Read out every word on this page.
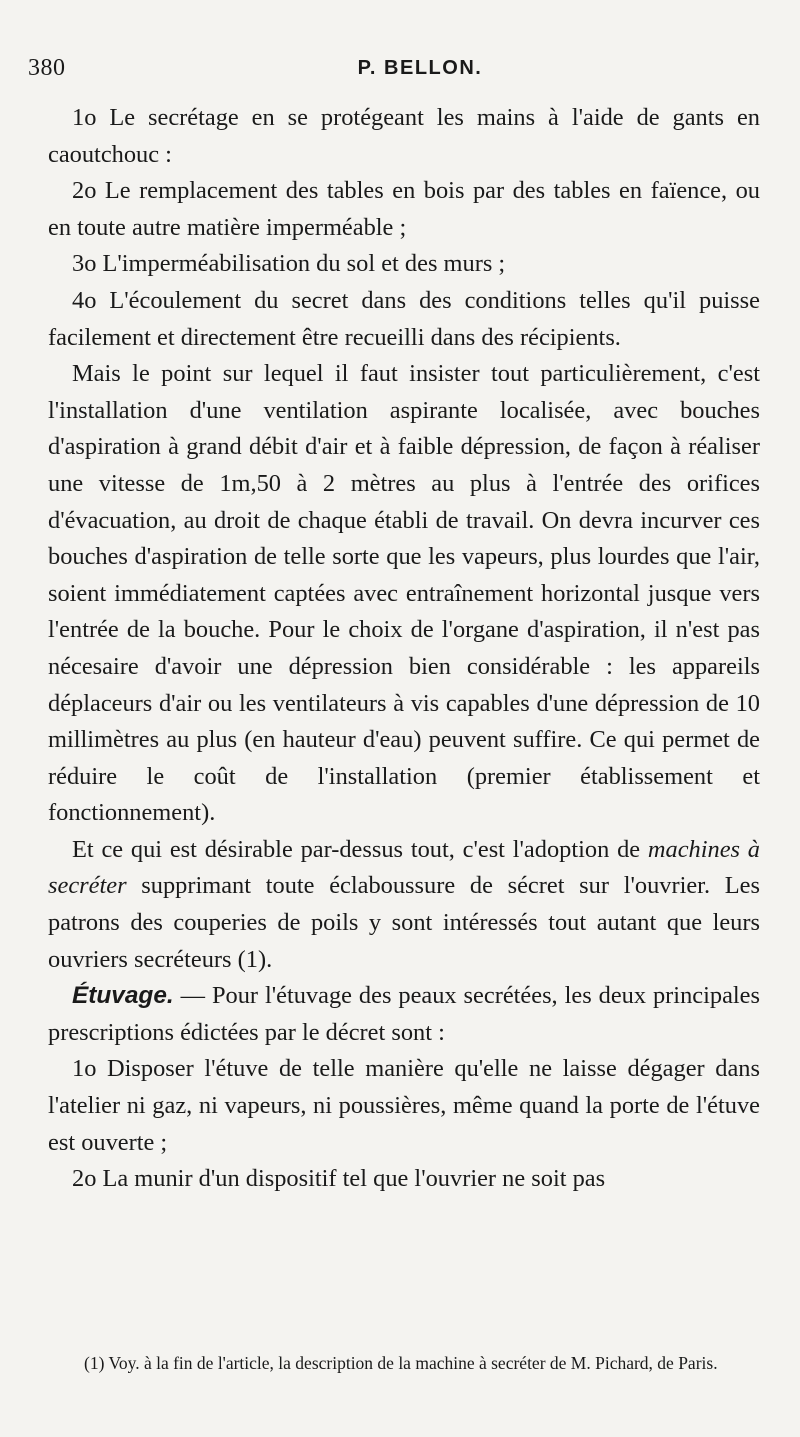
380	P. BELLON.

1o Le secrétage en se protégeant les mains à l'aide de gants en caoutchouc :

2o Le remplacement des tables en bois par des tables en faïence, ou en toute autre matière imperméable ;

3o L'imperméabilisation du sol et des murs ;

4o L'écoulement du secret dans des conditions telles qu'il puisse facilement et directement être recueilli dans des récipients.

Mais le point sur lequel il faut insister tout particulièrement, c'est l'installation d'une ventilation aspirante localisée, avec bouches d'aspiration à grand débit d'air et à faible dépression, de façon à réaliser une vitesse de 1m,50 à 2 mètres au plus à l'entrée des orifices d'évacuation, au droit de chaque établi de travail. On devra incurver ces bouches d'aspiration de telle sorte que les vapeurs, plus lourdes que l'air, soient immédiatement captées avec entraînement horizontal jusque vers l'entrée de la bouche. Pour le choix de l'organe d'aspiration, il n'est pas nécesaire d'avoir une dépression bien considérable : les appareils déplaceurs d'air ou les ventilateurs à vis capables d'une dépression de 10 millimètres au plus (en hauteur d'eau) peuvent suffire. Ce qui permet de réduire le coût de l'installation (premier établissement et fonctionnement).

Et ce qui est désirable par-dessus tout, c'est l'adoption de machines à secréter supprimant toute éclaboussure de sécret sur l'ouvrier. Les patrons des couperies de poils y sont intéressés tout autant que leurs ouvriers secréteurs (1).

Étuvage. — Pour l'étuvage des peaux secrétées, les deux principales prescriptions édictées par le décret sont :

1o Disposer l'étuve de telle manière qu'elle ne laisse dégager dans l'atelier ni gaz, ni vapeurs, ni poussières, même quand la porte de l'étuve est ouverte ;

2o La munir d'un dispositif tel que l'ouvrier ne soit pas

(1) Voy. à la fin de l'article, la description de la machine à secréter de M. Pichard, de Paris.
